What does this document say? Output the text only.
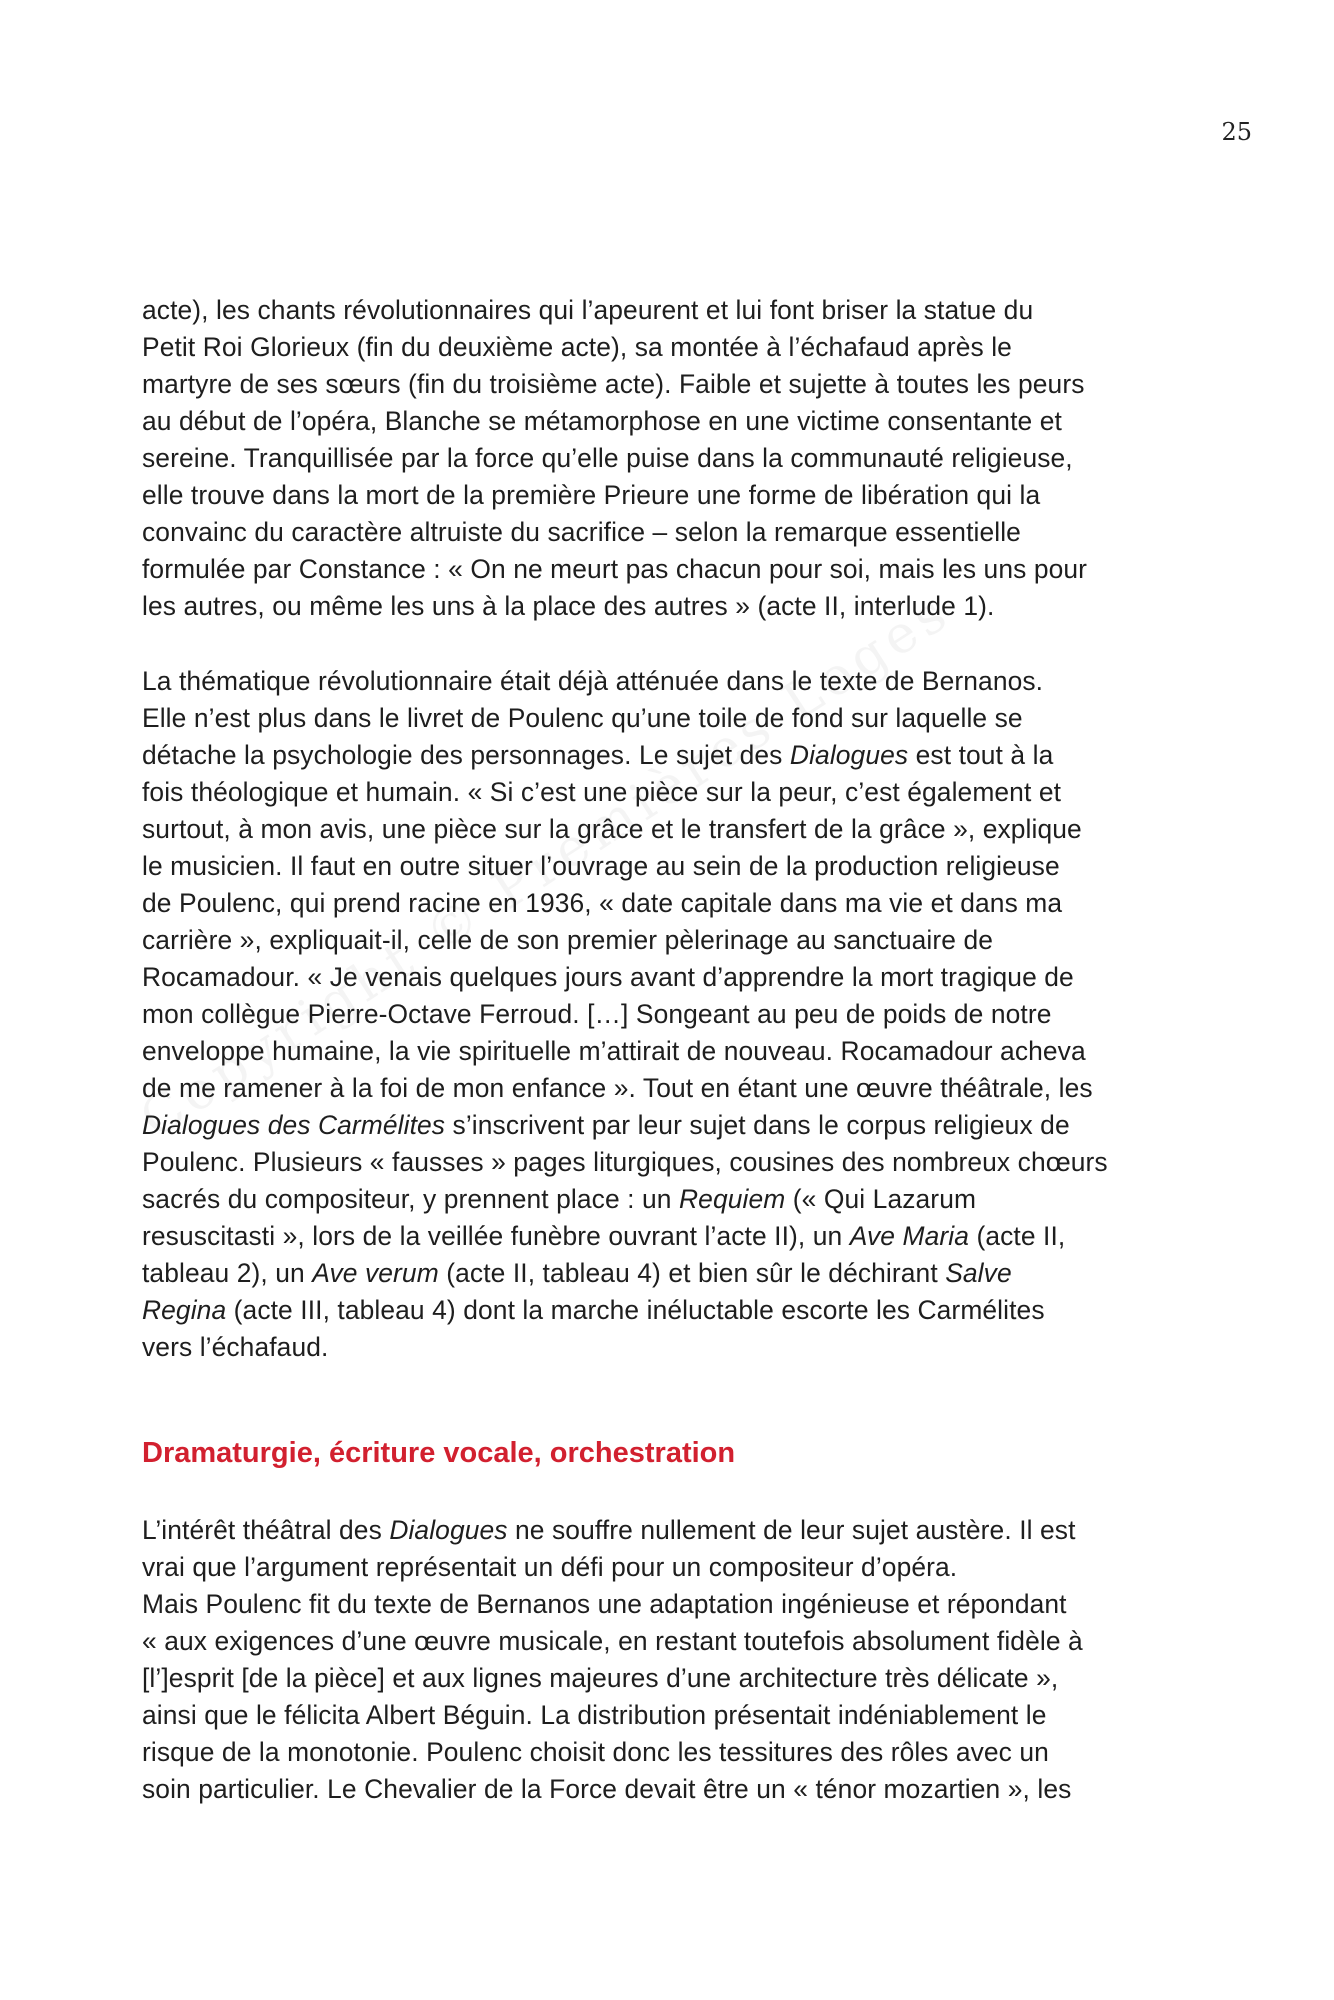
25

acte), les chants révolutionnaires qui l’apeurent et lui font briser la statue du
Petit Roi Glorieux (fin du deuxième acte), sa montée à l’échafaud après le
martyre de ses sœurs (fin du troisième acte). Faible et sujette à toutes les peurs
au début de l’opéra, Blanche se métamorphose en une victime consentante et
sereine. Tranquillisée par la force qu’elle puise dans la communauté religieuse,
elle trouve dans la mort de la première Prieure une forme de libération qui la
convainc du caractère altruiste du sacrifice – selon la remarque essentielle
formulée par Constance : « On ne meurt pas chacun pour soi, mais les uns pour
les autres, ou même les uns à la place des autres » (acte II, interlude 1).

La thématique révolutionnaire était déjà atténuée dans le texte de Bernanos.
Elle n’est plus dans le livret de Poulenc qu’une toile de fond sur laquelle se
détache la psychologie des personnages. Le sujet des Dialogues est tout à la
fois théologique et humain. « Si c’est une pièce sur la peur, c’est également et
surtout, à mon avis, une pièce sur la grâce et le transfert de la grâce », explique
le musicien. Il faut en outre situer l’ouvrage au sein de la production religieuse
de Poulenc, qui prend racine en 1936, « date capitale dans ma vie et dans ma
carrière », expliquait-il, celle de son premier pèlerinage au sanctuaire de
Rocamadour. « Je venais quelques jours avant d’apprendre la mort tragique de
mon collègue Pierre-Octave Ferroud. […] Songeant au peu de poids de notre
enveloppe humaine, la vie spirituelle m’attirait de nouveau. Rocamadour acheva
de me ramener à la foi de mon enfance ». Tout en étant une œuvre théâtrale, les
Dialogues des Carmélites s’inscrivent par leur sujet dans le corpus religieux de
Poulenc. Plusieurs « fausses » pages liturgiques, cousines des nombreux chœurs
sacrés du compositeur, y prennent place : un Requiem (« Qui Lazarum
resuscitasti », lors de la veillée funèbre ouvrant l’acte II), un Ave Maria (acte II,
tableau 2), un Ave verum (acte II, tableau 4) et bien sûr le déchirant Salve
Regina (acte III, tableau 4) dont la marche inéluctable escorte les Carmélites
vers l’échafaud.

Dramaturgie, écriture vocale, orchestration

L’intérêt théâtral des Dialogues ne souffre nullement de leur sujet austère. Il est
vrai que l’argument représentait un défi pour un compositeur d’opéra.
Mais Poulenc fit du texte de Bernanos une adaptation ingénieuse et répondant
« aux exigences d’une œuvre musicale, en restant toutefois absolument fidèle à
[l’]esprit [de la pièce] et aux lignes majeures d’une architecture très délicate »,
ainsi que le félicita Albert Béguin. La distribution présentait indéniablement le
risque de la monotonie. Poulenc choisit donc les tessitures des rôles avec un
soin particulier. Le Chevalier de la Force devait être un « ténor mozartien », les
